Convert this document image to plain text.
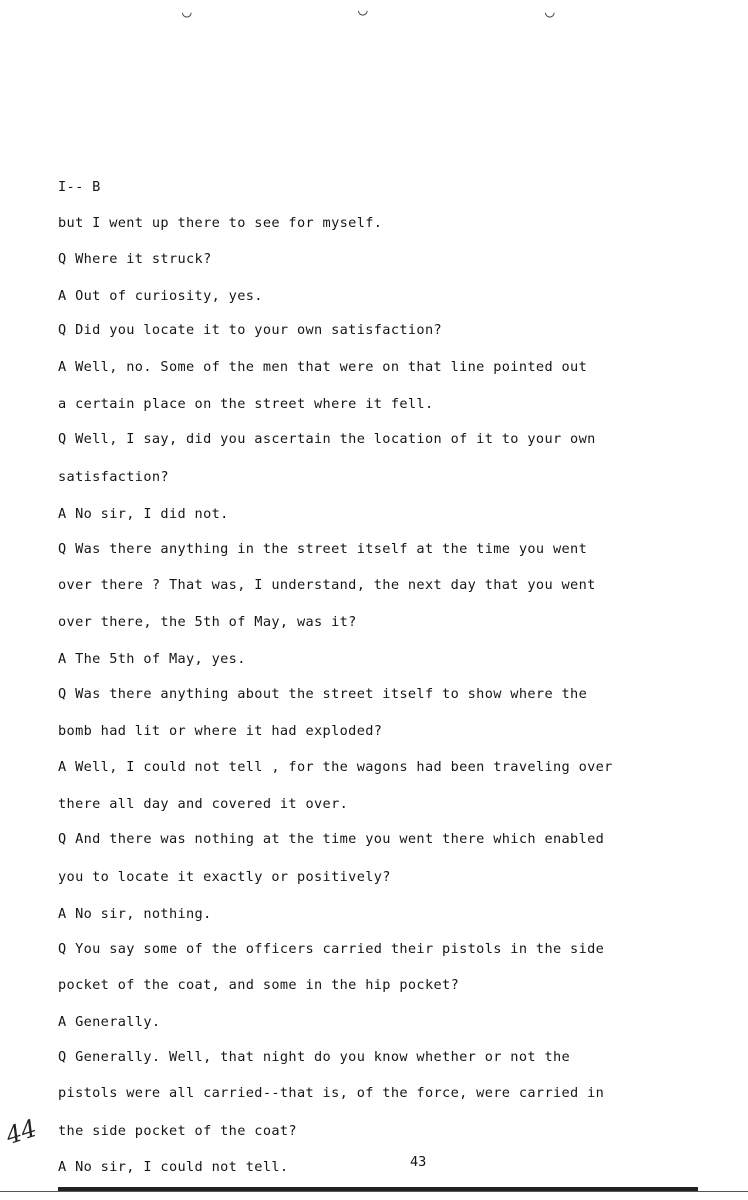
◡	◡	◡
I-- B
but I went up there to see for myself.
Q Where it struck?
A Out of curiosity, yes.
Q Did you locate it to your own satisfaction?
A Well, no. Some of the men that were on that line pointed out
a certain place on the street where it fell.
Q Well, I say, did you ascertain the location of it to your own
satisfaction?
A No sir, I did not.
Q Was there anything in the street itself at the time you went
over there ? That was, I understand, the next day that you went
over there, the 5th of May, was it?
A The 5th of May, yes.
Q Was there anything about the street itself to show where the
bomb had lit or where it had exploded?
A Well, I could not tell , for the wagons had been traveling over
there all day and covered it over.
Q And there was nothing at the time you went there which enabled
you to locate it exactly or positively?
A No sir, nothing.
Q You say some of the officers carried their pistols in the side
pocket of the coat, and some in the hip pocket?
A Generally.
Q Generally. Well, that night do you know whether or not the
pistols were all carried--that is, of the force, were carried in
the side pocket of the coat?
A No sir, I could not tell.	43
44
